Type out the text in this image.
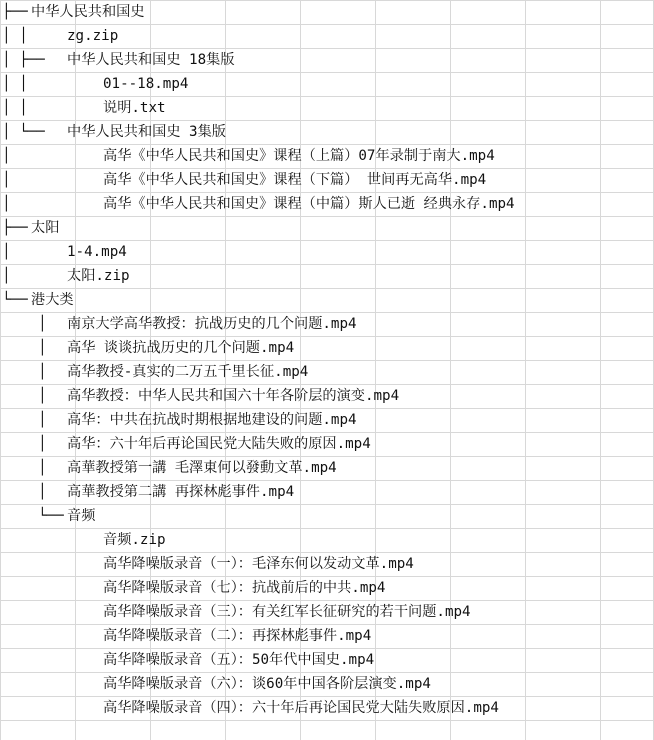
├── 中华人民共和国史
│ │	zg.zip
│ ├── 中华人民共和国史 18集版
│ │	01--18.mp4
│ │	说明.txt
│ └── 中华人民共和国史 3集版
│	高华《中华人民共和国史》课程（上篇）07年录制于南大.mp4
│	高华《中华人民共和国史》课程（下篇） 世间再无高华.mp4
│	高华《中华人民共和国史》课程（中篇）斯人已逝 经典永存.mp4
├── 太阳
│	1-4.mp4
│	太阳.zip
└── 港大类
│ 南京大学高华教授：抗战历史的几个问题.mp4
│ 高华 谈谈抗战历史的几个问题.mp4
│ 高华教授-真实的二万五千里长征.mp4
│ 高华教授：中华人民共和国六十年各阶层的演变.mp4
│ 高华：中共在抗战时期根据地建设的问题.mp4
│ 高华：六十年后再论国民党大陆失败的原因.mp4
│ 高華教授第一講 毛澤東何以發動文革.mp4
│ 高華教授第二講 再探林彪事件.mp4
└── 音频
音频.zip
高华降噪版录音（一）：毛泽东何以发动文革.mp4
高华降噪版录音（七）：抗战前后的中共.mp4
高华降噪版录音（三）：有关红军长征研究的若干问题.mp4
高华降噪版录音（二）：再探林彪事件.mp4
高华降噪版录音（五）：50年代中国史.mp4
高华降噪版录音（六）：谈60年中国各阶层演变.mp4
高华降噪版录音（四）：六十年后再论国民党大陆失败原因.mp4
